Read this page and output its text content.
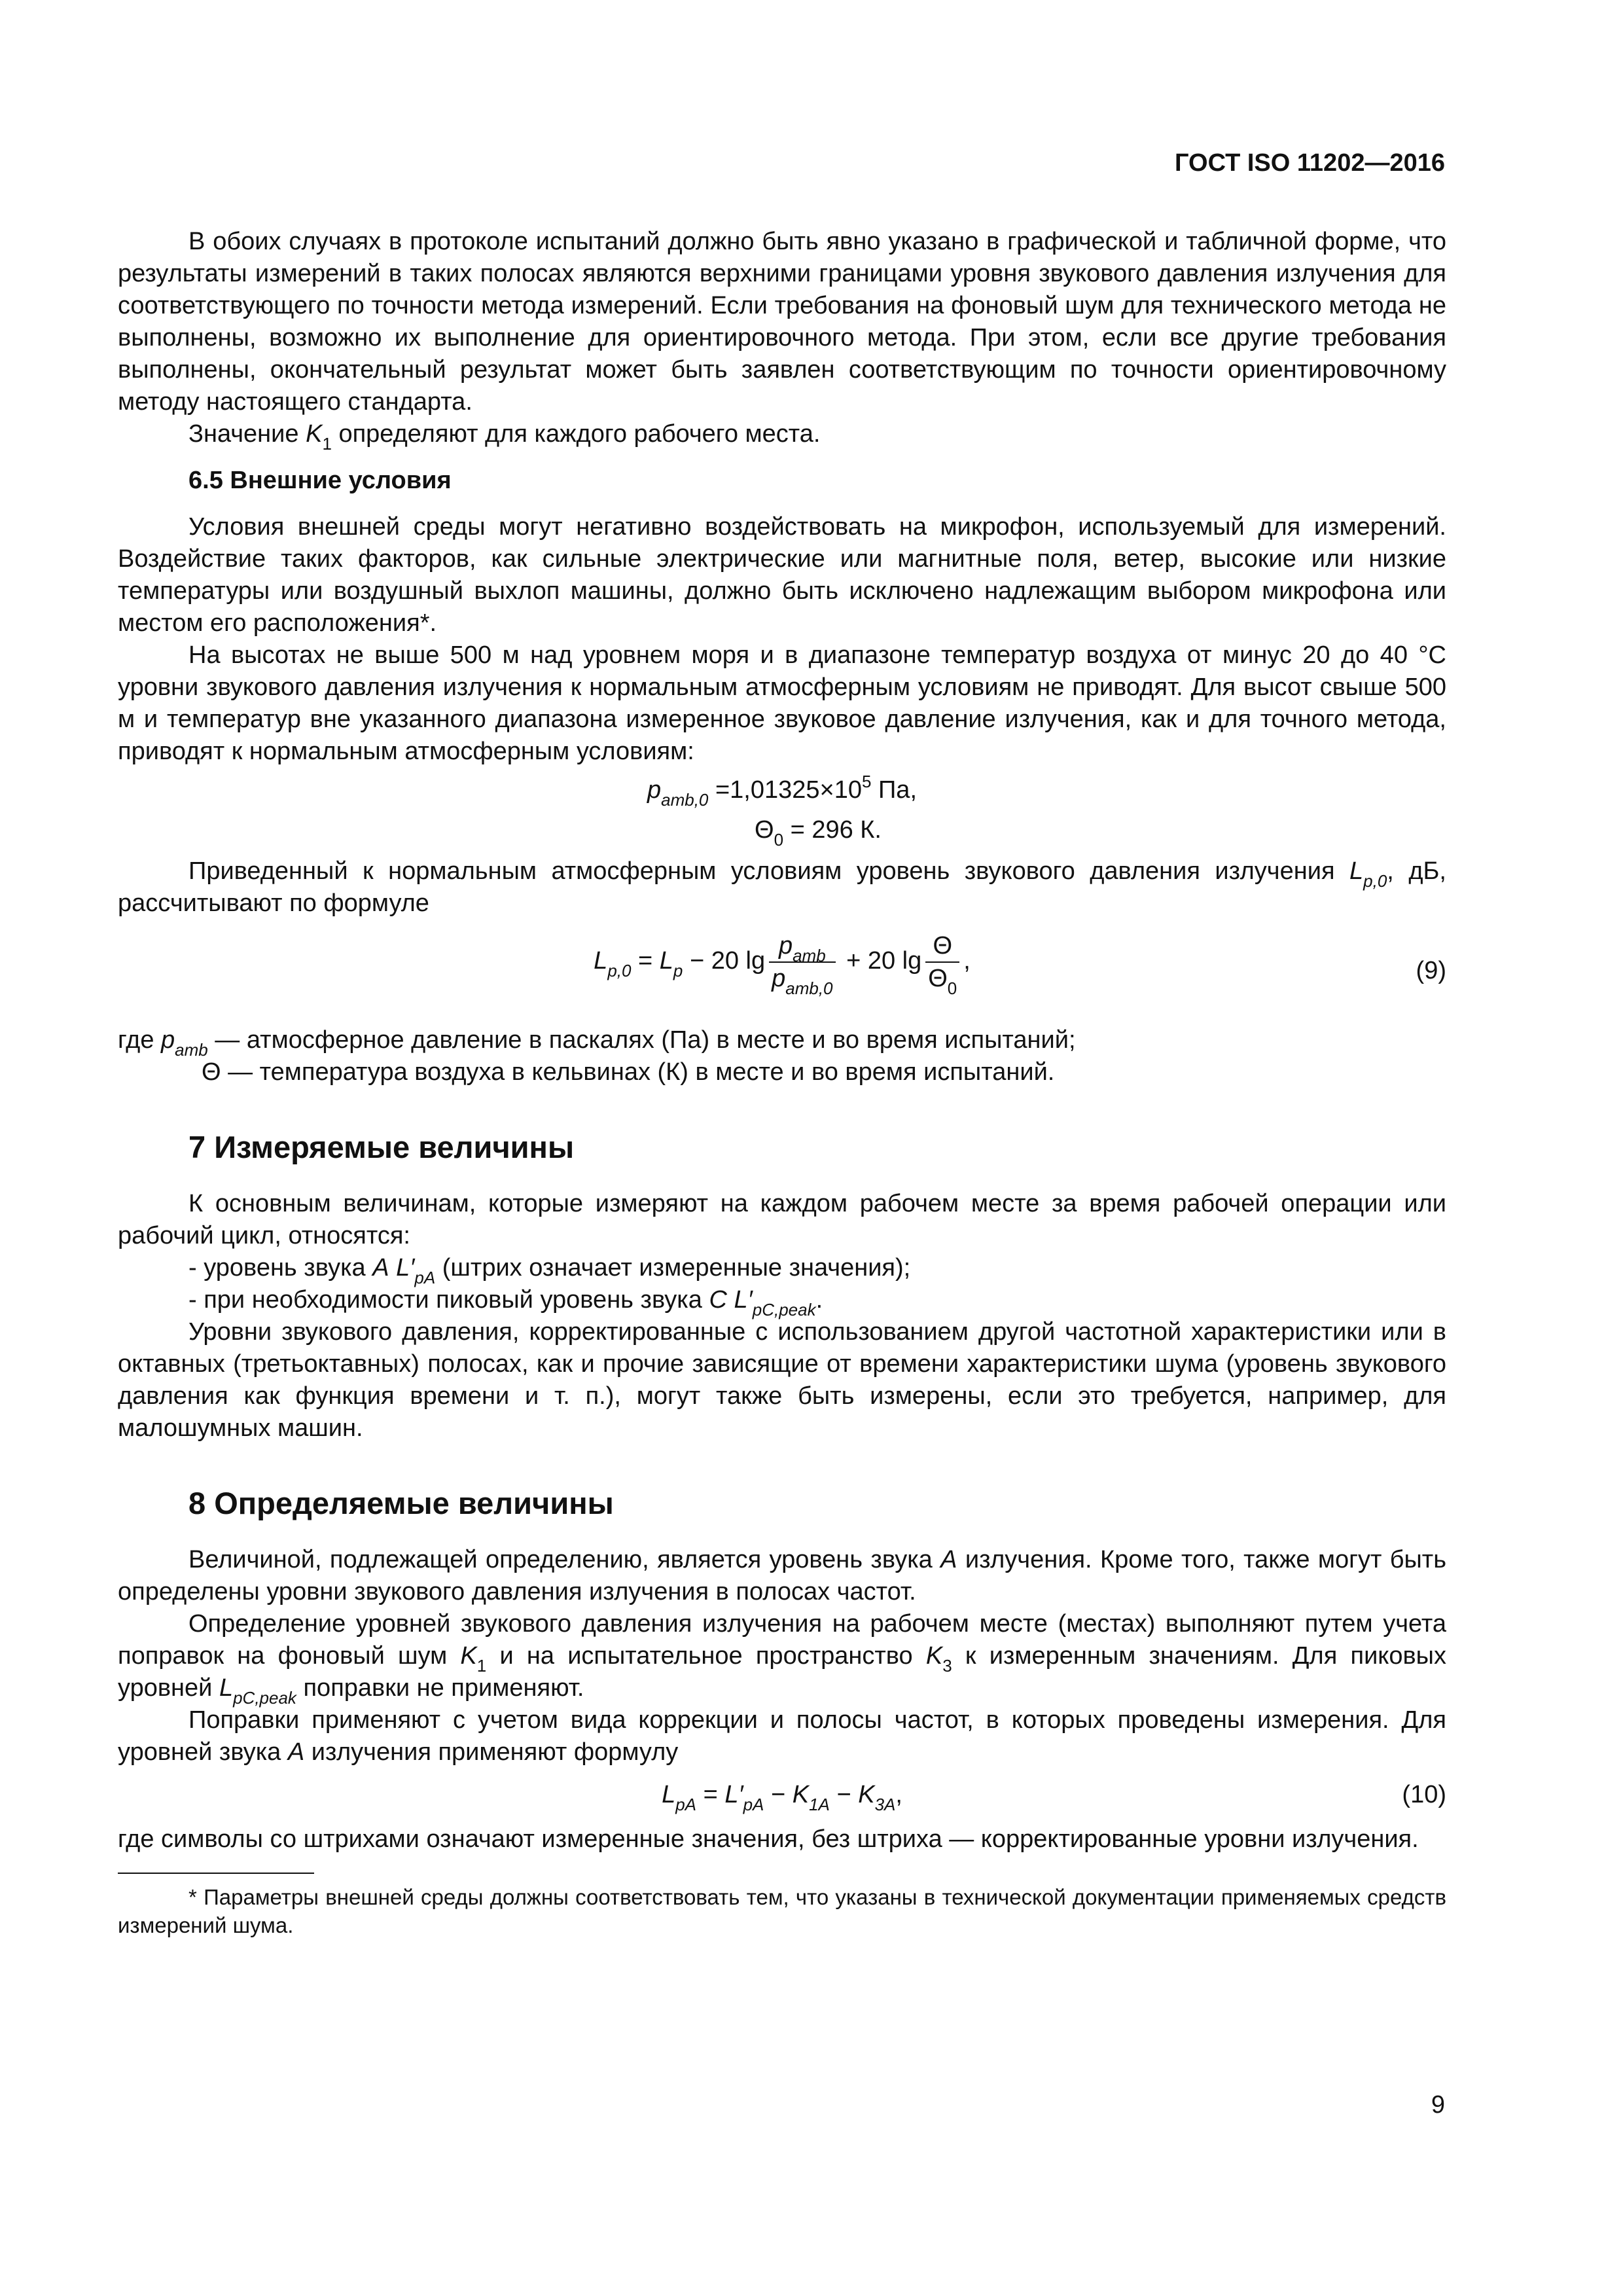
ГОСТ ISO 11202—2016

В обоих случаях в протоколе испытаний должно быть явно указано в графической и табличной форме, что результаты измерений в таких полосах являются верхними границами уровня звукового давления излучения для соответствующего по точности метода измерений. Если требования на фоновый шум для технического метода не выполнены, возможно их выполнение для ориентировочного метода. При этом, если все другие требования выполнены, окончательный результат может быть заявлен соответствующим по точности ориентировочному методу настоящего стандарта.

Значение $K_1$ определяют для каждого рабочего места.

6.5 Внешние условия

Условия внешней среды могут негативно воздействовать на микрофон, используемый для измерений. Воздействие таких факторов, как сильные электрические или магнитные поля, ветер, высокие или низкие температуры или воздушный выхлоп машины, должно быть исключено надлежащим выбором микрофона или местом его расположения*.

На высотах не выше 500 м над уровнем моря и в диапазоне температур воздуха от минус 20 до 40 °С уровни звукового давления излучения к нормальным атмосферным условиям не приводят. Для высот свыше 500 м и температур вне указанного диапазона измеренное звуковое давление излучения, как и для точного метода, приводят к нормальным атмосферным условиям:

$p_{amb,0} =1,01325\times 10^5$ Па,
$\Theta_0 = 296$ К.

Приведенный к нормальным атмосферным условиям уровень звукового давления излучения $L_{p,0}$, дБ, рассчитывают по формуле

$L_{p,0} = L_p - 20$ $\lg \frac{p_{amb}}{p_{amb,0}} + 20$ $\lg \frac{\Theta}{\Theta_0}$ ,	(9)

где $p_{amb}$ — атмосферное давление в паскалях (Па) в месте и во время испытаний;

Θ — температура воздуха в кельвинах (К) в месте и во время испытаний.

7 Измеряемые величины

К основным величинам, которые измеряют на каждом рабочем месте за время рабочей операции или рабочий цикл, относятся:

- уровень звука A $L'_{pA}$ (штрих означает измеренные значения);

- при необходимости пиковый уровень звука C $L'_{pC,peak}$.

Уровни звукового давления, корректированные с использованием другой частотной характеристики или в октавных (третьоктавных) полосах, как и прочие зависящие от времени характеристики шума (уровень звукового давления как функция времени и т. п.), могут также быть измерены, если это требуется, например, для малошумных машин.

8 Определяемые величины

Величиной, подлежащей определению, является уровень звука A излучения. Кроме того, также могут быть определены уровни звукового давления излучения в полосах частот.

Определение уровней звукового давления излучения на рабочем месте (местах) выполняют путем учета поправок на фоновый шум $K_1$ и на испытательное пространство $K_3$ к измеренным значениям. Для пиковых уровней $L_{pC,peak}$ поправки не применяют.

Поправки применяют с учетом вида коррекции и полосы частот, в которых проведены измерения. Для уровней звука A излучения применяют формулу

$L_{pA} = L'_{pA} - K_{1A} - K_{3A}$,	(10)

где символы со штрихами означают измеренные значения, без штриха — корректированные уровни излучения.

* Параметры внешней среды должны соответствовать тем, что указаны в технической документации применяемых средств измерений шума.

9
